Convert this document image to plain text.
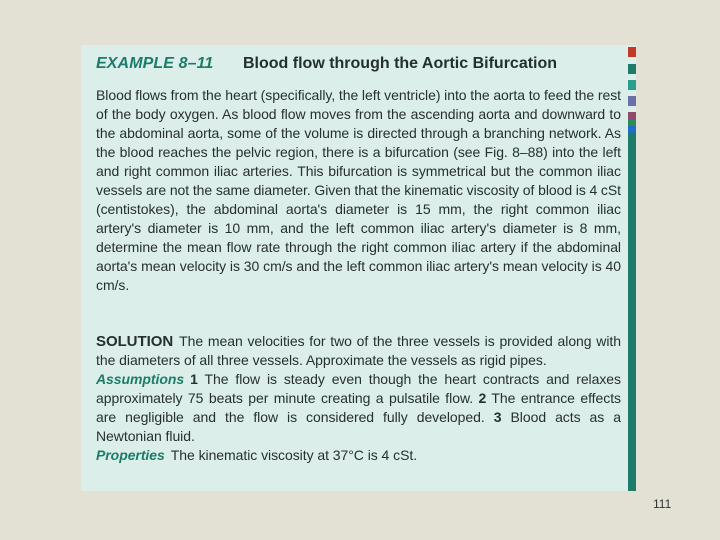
EXAMPLE 8–11 Blood flow through the Aortic Bifurcation

Blood flows from the heart (specifically, the left ventricle) into the aorta to feed the rest of the body oxygen. As blood flow moves from the ascending aorta and downward to the abdominal aorta, some of the volume is directed through a branching network. As the blood reaches the pelvic region, there is a bifurcation (see Fig. 8–88) into the left and right common iliac arteries. This bifurcation is symmetrical but the common iliac vessels are not the same diameter. Given that the kinematic viscosity of blood is 4 cSt (centistokes), the abdominal aorta's diameter is 15 mm, the right common iliac artery's diameter is 10 mm, and the left common iliac artery's diameter is 8 mm, determine the mean flow rate through the right common iliac artery if the abdominal aorta's mean velocity is 30 cm/s and the left common iliac artery's mean velocity is 40 cm/s.

SOLUTION The mean velocities for two of the three vessels is provided along with the diameters of all three vessels. Approximate the vessels as rigid pipes.

Assumptions 1 The flow is steady even though the heart contracts and relaxes approximately 75 beats per minute creating a pulsatile flow. 2 The entrance effects are negligible and the flow is considered fully developed. 3 Blood acts as a Newtonian fluid.

Properties The kinematic viscosity at 37°C is 4 cSt.

111
